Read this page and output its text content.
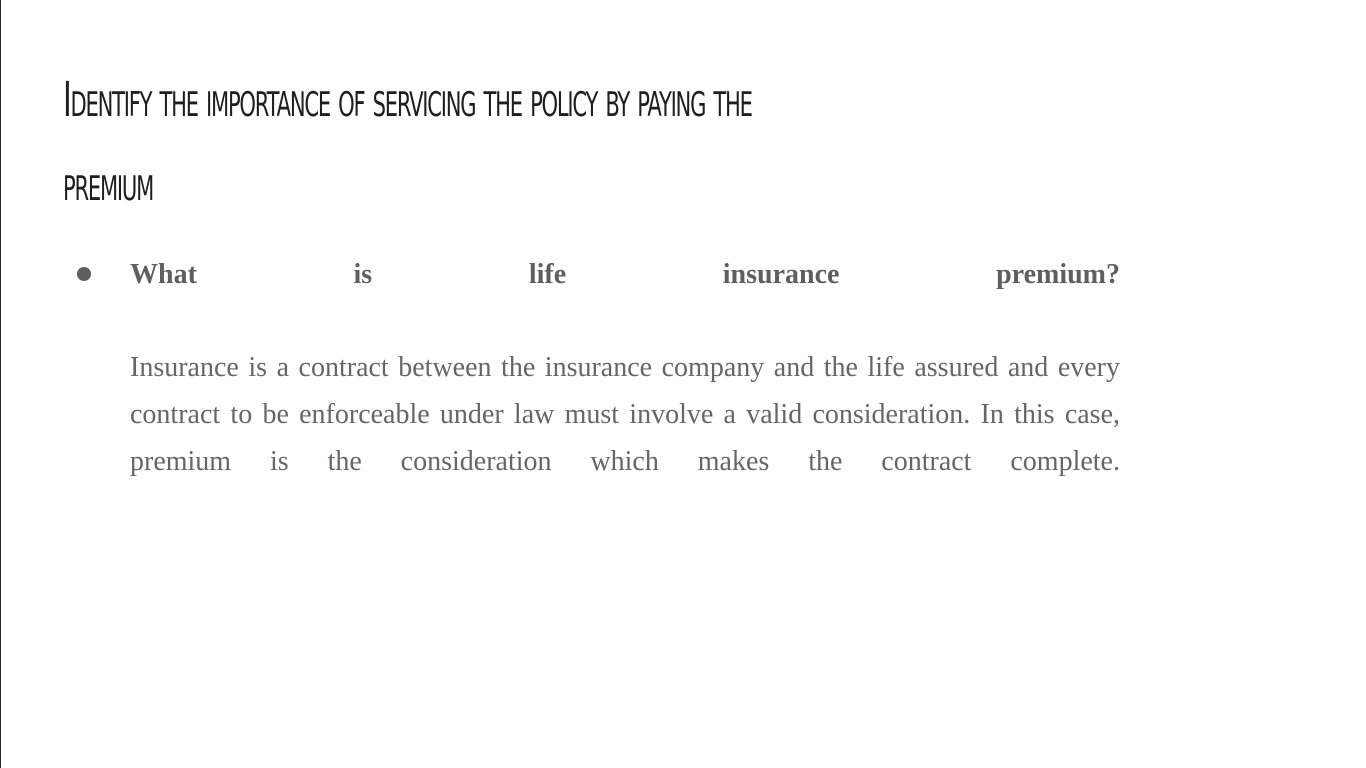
Identify the importance of servicing the policy by paying the
premium

What is life insurance premium?

Insurance is a contract between the insurance company and the life assured and every contract to be enforceable under law must involve a valid consideration. In this case, premium is the consideration which makes the contract complete.
